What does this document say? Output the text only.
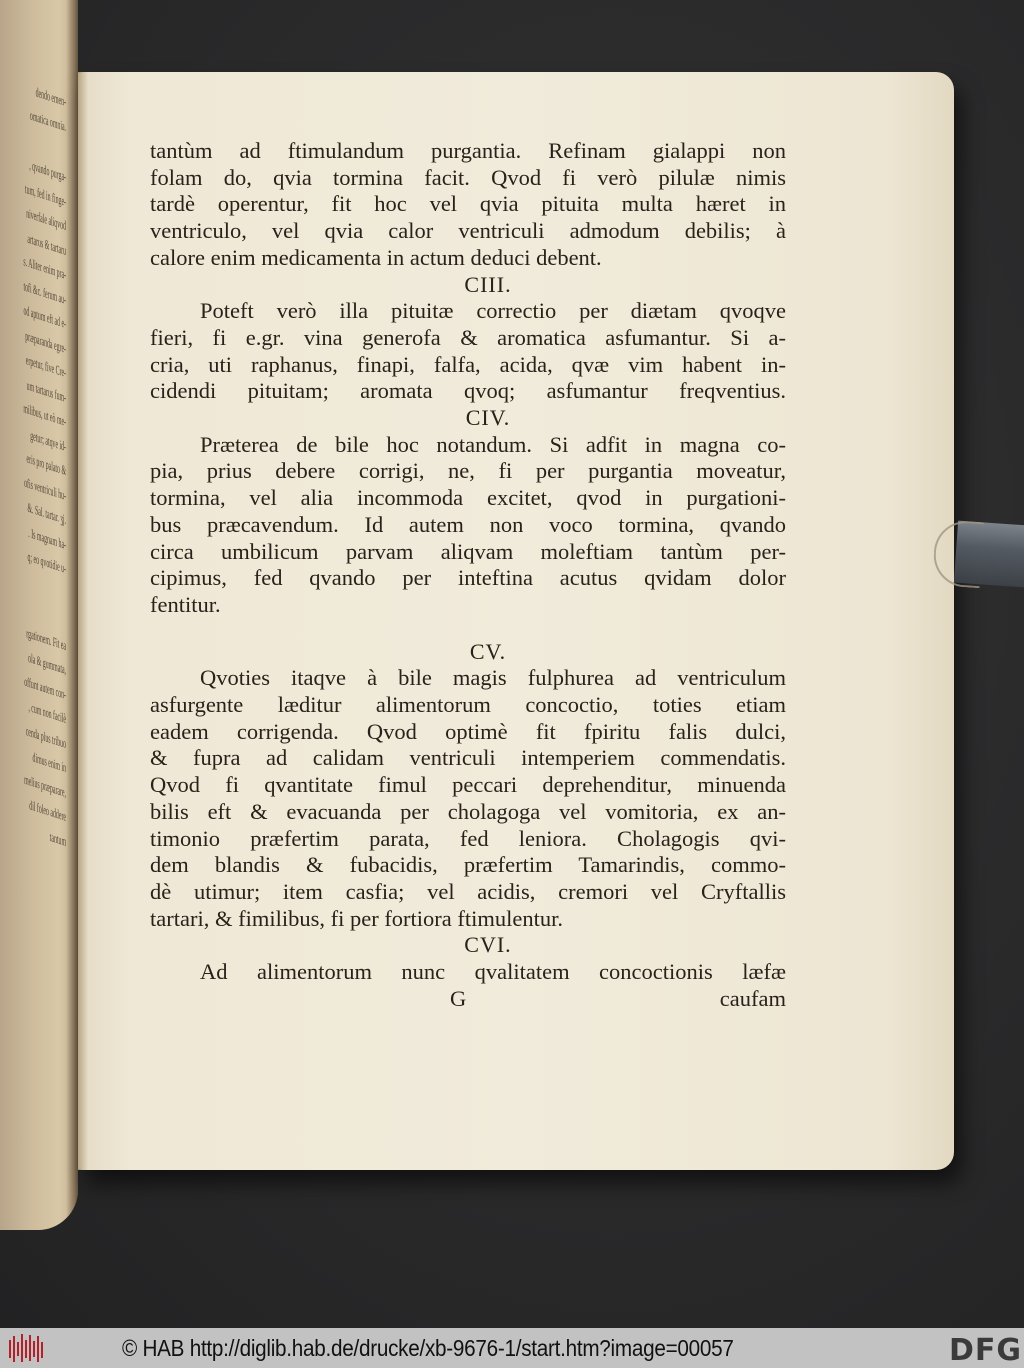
dendo emen-
omatica omnia.
, qvando purga-
tum, fed in finge-
niverfale aliqvod
artarus & tartaru
s. Aliter enim pra-
tofi &c. ferum au-
od aptum eft ad e-
præparanda egre-
erpetur, five Cre-
um tartarus fum-
milibus, ut eò me-
getur; atqve id-
eris pro palato &
ofis ventriculi hu-
&. Sal. tartar. ʒj.
. Is magnam ha-
q; eo qvotidie u-
rgationem. Fit ea
ola & gummata,
offunt autem con-
, cum non facilè
cenda plus tribuo
dimus enim in
melius præparare,
dil foleo addere
tantum
tantùm ad ftimulandum purgantia. Refinam gialappi non
folam do, qvia tormina facit. Qvod fi verò pilulæ nimis
tardè operentur, fit hoc vel qvia pituita multa hæret in
ventriculo, vel qvia calor ventriculi admodum debilis; à
calore enim medicamenta in actum deduci debent.
CIII.
Poteft verò illa pituitæ correctio per diætam qvoqve
fieri, fi e.gr. vina generofa & aromatica asfumantur. Si a-
cria, uti raphanus, finapi, falfa, acida, qvæ vim habent in-
cidendi pituitam; aromata qvoq; asfumantur freqventius.
CIV.
Præterea de bile hoc notandum. Si adfit in magna co-
pia, prius debere corrigi, ne, fi per purgantia moveatur,
tormina, vel alia incommoda excitet, qvod in purgationi-
bus præcavendum. Id autem non voco tormina, qvando
circa umbilicum parvam aliqvam moleftiam tantùm per-
cipimus, fed qvando per inteftina acutus qvidam dolor
fentitur.
CV.
Qvoties itaqve à bile magis fulphurea ad ventriculum
asfurgente læditur alimentorum concoctio, toties etiam
eadem corrigenda. Qvod optimè fit fpiritu falis dulci,
& fupra ad calidam ventriculi intemperiem commendatis.
Qvod fi qvantitate fimul peccari deprehenditur, minuenda
bilis eft & evacuanda per cholagoga vel vomitoria, ex an-
timonio præfertim parata, fed leniora. Cholagogis qvi-
dem blandis & fubacidis, præfertim Tamarindis, commo-
dè utimur; item casfia; vel acidis, cremori vel Cryftallis
tartari, & fimilibus, fi per fortiora ftimulentur.
CVI.
Ad alimentorum nunc qvalitatem concoctionis læfæ
G	caufam
© HAB http://diglib.hab.de/drucke/xb-9676-1/start.htm?image=00057	DFG
